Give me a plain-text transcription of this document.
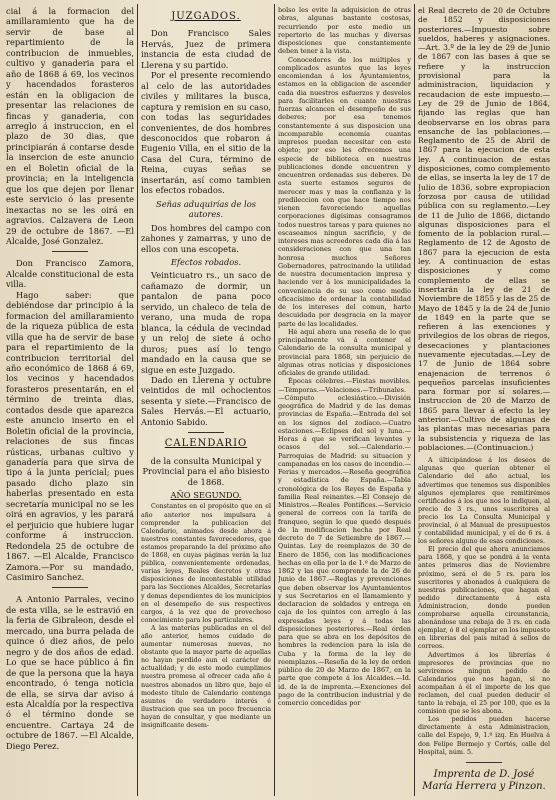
cial á la formacion del amillaramiento que ha de servir de base al repartimiento de la contribucion de inmuebles, cultivo y ganaderia para el año de 1868 á 69, los vecinos y hacendados forasteros están en la obligacion de presentar las relaciones de fincas y ganaderia, con arreglo á instruccion, en el plazo de 30 dias, que principiarán á contarse desde la insercion de este anuncio en el Boletin oficial de la provincia; en la inteligencia que los que dejen por llenar este servicio ó las presente inexactas no se les oirá en agravios. Calzavera de Leon 29 de octubre de 1867. —El Alcalde, José Gonzalez.

Don Francisco Zamora, Alcalde constitucional de esta villa.

Hago saber: que debiéndose dar principio á la formacion del amillaramiento de la riqueza pública de esta villa que ha de servir de base para el repartimiento de la contribucion territorial del año económico de 1868 á 69, los vecinos y hacendados forasteros presentarán, en el término de treinta dias, contados desde que aparezca este anuncio inserto en el Boletin oficial de la provincia, relaciones de sus fincas rústicas, urbanas cultivo y ganadería para que sirva de tipo á la junta pericial; pues pasado dicho plazo sin haberlas presentado en esta secretaría municipal no se les oirá en agravios, y les parará el perjuicio que hubiere lugar conforme á instruccion. Redondela 25 de octubre de 1867. —El Alcalde, Francisco Zamora.—Por su mandado, Casimiro Sanchez.

A Antonio Parrales, vecino de esta villa, se le estravió en la feria de Gibraleon, desde el mercado, una burra pelada de quince ó diez años, de pelo negro y de dos años de edad. Lo que se hace público á fin de que la persona que la haya encontrado, ó tenga noticia de ella, se sirva dar aviso á esta Alcaldía por la respectiva ó el término donde se encuentre. Cartaya 24 de octubre de 1867. —El Alcalde, Diego Perez.

JUZGADOS.

Don Francisco Sales Hervás, Juez de primera instancia de esta ciudad de Llerena y su partido.

Por el presente recomiendo al celo de las autoridades civiles y militares la busca, captura y remision en su caso, con todas las seguridades convenientes, de dos hombres desconocidos que robaron á Eugenio Villa, en el sitio de la Casa del Cura, término de Reina, cuyas señas se insertarán, así como tambien los efectos robados.

Señas aduquirías de los autores.

Dos hombres del campo con zahones y zamarras, y uno de ellos con una escopeta.

Efectos robados.

Veinticuatro rs., un saco de cañamazo de dormir, un pantalon de pana poco servido, un chaleco de tela de verano, una muda de ropa blanca, la cédula de vecindad y un reloj de siete á ocho duros; pues así lo tengo mandado en la causa que se sigue en este Juzgado.

Dado en Llerena y octubre veintidos de mil ochocientos sesenta y siete.—Francisco de Sales Hervás.—El actuario, Antonio Sabido.

CALENDARIO
de la consulta Municipal y Provincial para el año bisiesto de 1868.
AÑO SEGUNDO.

Constantes en el propósito que en el año anterior nos impulsara á comprender la publicacion del Calendario, animados desde ahora á nuestros constantes favorecedores, que estamos preparando la del próximo año de 1868, en cuyas páginas verán la luz pública, convenientemente ordenadas, varias leyes, Reales decretos y otras disposiciones de incontestable utilidad para las Secciones Alcaldes, Secretarías y demas dependientes de los municipios en el desempeño de sus respectivos cargos, á la vez que de provechoso conocimiento para los particulares.

A las materias publicadas en el del año anterior, hemos cuidado de aumentar numerosas nuevas, no obstante que la mayor parte de aquellas no hayan perdido aun el carácter de actualidad; y de este modo cumplimos nuestra promesa al ofrecer cada año á nuestros abonados un libro que, bajo el modesto título de Calendario contenga asuntos de verdadero interés é ilustracion que sea un poco frecuencia hayan de consultar, y que mediante un insignificante desem-

bolso les evite la adquisicion de otras obras, algunas bastante costosas, recurriendo por este medio un repertorio de las muchas y diversas disposiciones que constantemente deben tener á la vista.

Conocedores de los múltiples y complicados asuntos que las leyes encomiendan á los Ayuntamientos, estamos en la obligacion de ascender cada dia nuestros esfuerzos y desvelos para facilitarles en cuanto nuestras fuerzas alcancen el desempeño de sus deberes; por esa tenemos constantemente á sus disposicion una incomparable economía cuantas impresos puedan necesitar con este objeto; por eso les ofrecemos una especie de biblioteca en nuestras publicaciones donde encuentren y encuentren ordenadas sus deberes. De esta suerte estamos seguros de merecer mas y mas la confianza y la predileccion con que hace tiempo nos vienen favoreciendo aquellas corporaciones digísimas consagramos todos nuestros tareas y para quienes no escaseamos ningun sacrificio, y de intereses mas acreedores cada dia á las consideraciones con que una tan honrosa muchos Señores Gobernadores, patrocinando la utilidad de nuestra documentacion impresa y haciendo ver á los municipalidades la conveniencia de su uso como medio eficacísimo de ordenar la contabilidad de los intereses del comun, harto descuidada por desgracia en la mayor parte de las localidades.

Hé aquí ahora una reseña de lo que principalmente vá á contener el Calendario de la consulta municipal y provincial para 1868, sin perjuicio de algunas otras noticias y disposiciones oficiales de grande utilidad.

Épocas célebres.—Fiestas movibles.—Témporas.—Velaciones.—Tribunales.—Cómputo eclesiástico.—División geográfica de Madrid y de las demas provincias de España.—Entrada del sol en los signos del zodíaco.—Cuatro estaciones.—Eclipses del sol y luna.—Horas á que se verifican levantes y ocasos del sol.—Calendario.—Parroquias de Madrid: su situacion y campanadas en los casos de incendio.—Ferias y mercados.—Reseña geográfica y estadística de España.—Tabla cronológica de los Reyes de España y familia Real reinantes.—El Consejo de Ministros.—Reales Pontífices.—Servicio general de correos con la tarifa de franqueo, según lo que quedó después de la modificacion hecha por Real decreto de 7 de Setiembre de 1867.—Quintas. Ley de reemplazos de 30 de Enero de 1856, con las modificaciones hechas en ella por la de 1.º de Marzo de 1862 y las que comprende la de 26 de Junio de 1867.—Reglas y prevenciones que deben observar los Ayuntamientos y sus Secretarios en el llamamiento y declaracion de soldados y entrega en caja de los quintos con arreglo á las expresadas leyes y á todas las disposiciones posteriores.—Real órden para que se abra en los depósitos de hombres la redencion para la isla de Cuba y la forma de la ley de reemplazos.—Reseña de la ley de orden público de 20 de Marzo de 1867, en la parte que compete á los Alcaldes.—Id. id. de la de imprenta.—Exenciones del pago de la contribucion industrial y de comercio concedidas por

el Real decreto de 20 de Octubre de 1852 y disposiciones posteriores.—Impuesto sobre sueldos, haberes y asignaciones.—Art. 3.º de la ley de 29 de Junio de 1867 con las bases á que se refiere y la instruccion provisional para la administracion, liquidacion y recaudacion de este impuesto.—Ley de 29 de Junio de 1864, fijando las reglas que han deobservarse en los obras para ensanche de las poblaciones.—Reglamento de 25 de Abril de 1867 para la ejecucion de esta ley. A continuacion de estas disposiciones, como complemento de ellas, se inserta la ley de 17 de Julio de 1836, sobre expropiacion forzosa por causa de utilidad pública con su reglamento.—Ley de 11 de Julio de 1866, dictando algunas disposiciones para el fomento de la poblacion rural.—Reglamento de 12 de Agosto de 1867 para la ejecucion de esta ley. A continuacion de estas disposiciones y como complemento de ellas se insertarán la ley de 21 de Noviembre de 1855 y las de 25 de Mayo de 1845 y la de 24 de Junio de 1849 en la parte que se refieren á las exenciones y privilegios de los obras de riegos, desecaciones y plantaciones nuevamente ejecutadas.—Ley de 17 de Junio de 1864 sobre enajenacion de terrenos ó pequeños parcelas insuficientes para formar por sí solares.—Instruccion de 20 de Marzo de 1865 para llevar á efecto la ley anterior.—Cultivo de algunas de las plantas mas necesarias para la subsistencia y riqueza de las poblaciones.—(Continuacion.)

A últicipándose á los deseos de algunas que querían obtener el Calendario del año actual, les advertimos que tenemos sus disponibles algunos ejemplares que remitirémos certificados á los que nos lo indiquen, al precio de 3 rs., unos suscritores al precio los La Consulta Municipal y provincial, ó al Manual de presupuestos y contabilidad municipal, y el de 6 rs. á los señores alguno de esas condiciones.

El precio del que ahora anunciamos para 1868, y que se pondrá á la venta antes primeros dias de Noviembre próximo, será el de 5 rs. para los suscritores y abonados á cualquiera de nuestras publicaciones, que hagan el pedido directamente á esta Administracion, donde pueden comprobarse aquella circunstancia, abonándose una rebaja de 3 rs. en cada ejemplar, ó 8 el ejemplar en los impuesto en librerias del país mitad á sellos de correos.

Advertimos á los librerías é impresores de provincias que no serviremos ningun pedido de Calendarios que nos hagan, si no acompañan á él el importe de los que reclamen, del cual pueden deducir el tanto la rebaja, el 25 por 100, que es la comision que se les abona.

Los pedidos pueden hacerse directamente á esta Administracion, calle del Espejo, 9, 1.º izq. En Huelva á don Felipe Bermejo y Cortés, calle del Hospital, núm. 5.

Imprenta de D. José María Herrera y Pinzon.
